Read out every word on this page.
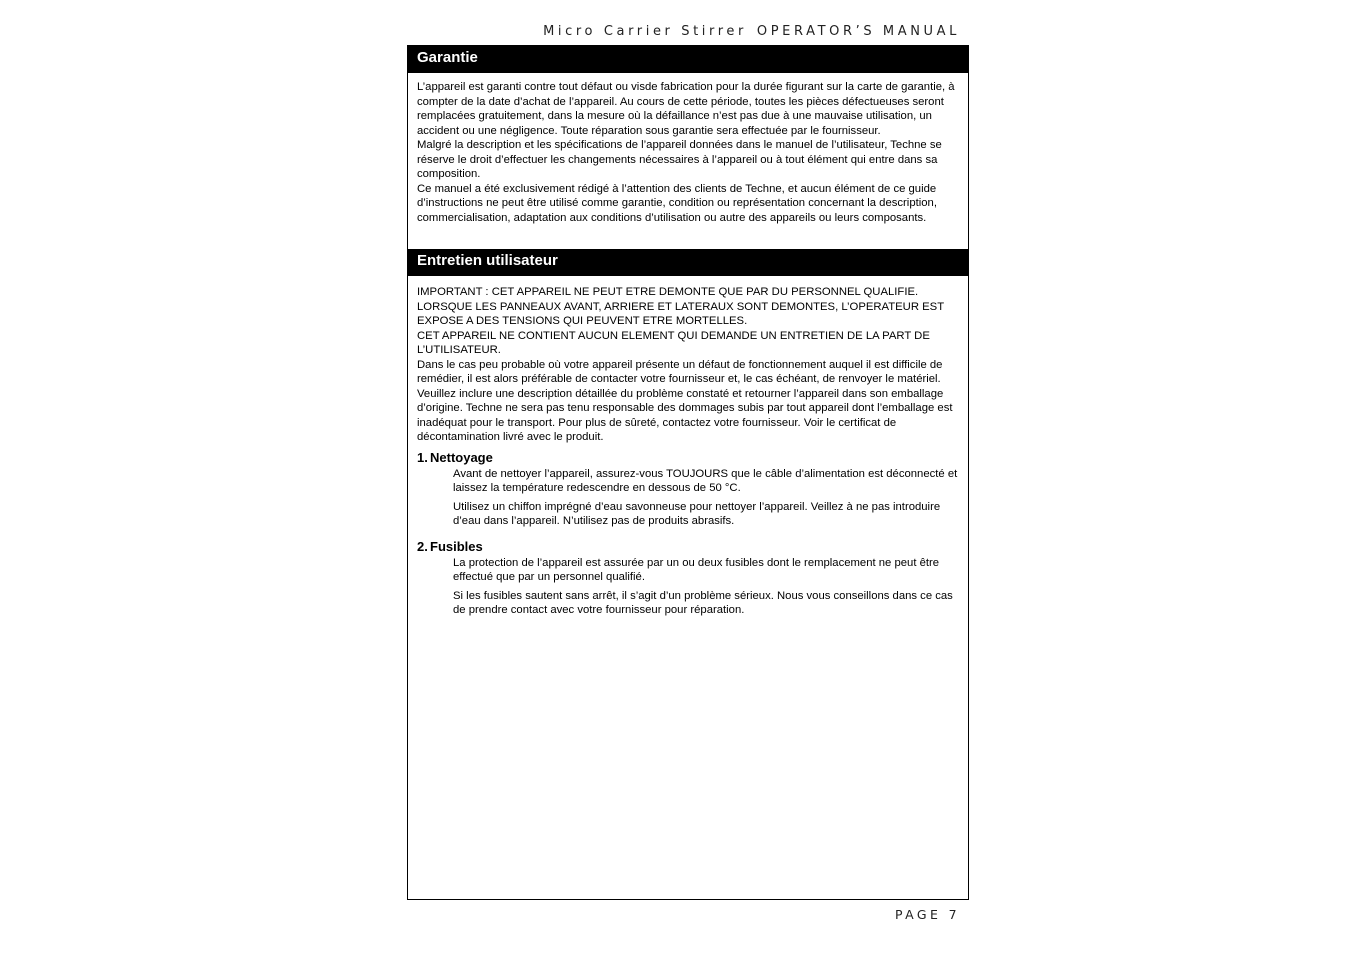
Micro Carrier Stirrer OPERATOR’S MANUAL
Garantie

L’appareil est garanti contre tout défaut ou visde fabrication pour la durée figurant sur la carte de garantie, à compter de la date d’achat de l’appareil. Au cours de cette période, toutes les pièces défectueuses seront remplacées gratuitement, dans la mesure où la défaillance n’est pas due à une mauvaise utilisation, un accident ou une négligence. Toute réparation sous garantie sera effectuée par le fournisseur.

Malgré la description et les spécifications de l’appareil données dans le manuel de l’utilisateur, Techne se réserve le droit d’effectuer les changements nécessaires à l’appareil ou à tout élément qui entre dans sa composition.

Ce manuel a été exclusivement rédigé à l’attention des clients de Techne, et aucun élément de ce guide d’instructions ne peut être utilisé comme garantie, condition ou représentation concernant la description, commercialisation, adaptation aux conditions d’utilisation ou autre des appareils ou leurs composants.

Entretien utilisateur

IMPORTANT : CET APPAREIL NE PEUT ETRE DEMONTE QUE PAR DU PERSONNEL QUALIFIE. LORSQUE LES PANNEAUX AVANT, ARRIERE ET LATERAUX SONT DEMONTES, L’OPERATEUR EST EXPOSE A DES TENSIONS QUI PEUVENT ETRE MORTELLES.

CET APPAREIL NE CONTIENT AUCUN ELEMENT QUI DEMANDE UN ENTRETIEN DE LA PART DE L’UTILISATEUR.

Dans le cas peu probable où votre appareil présente un défaut de fonctionnement auquel il est difficile de remédier, il est alors préférable de contacter votre fournisseur et, le cas échéant, de renvoyer le matériel. Veuillez inclure une description détaillée du problème constaté et retourner l’appareil dans son emballage d’origine. Techne ne sera pas tenu responsable des dommages subis par tout appareil dont l’emballage est inadéquat pour le transport. Pour plus de sûreté, contactez votre fournisseur. Voir le certificat de décontamination livré avec le produit.

1. Nettoyage

Avant de nettoyer l’appareil, assurez-vous TOUJOURS que le câble d’alimentation est déconnecté et laissez la température redescendre en dessous de 50 °C.

Utilisez un chiffon imprégné d’eau savonneuse pour nettoyer l’appareil. Veillez à ne pas introduire d’eau dans l’appareil. N’utilisez pas de produits abrasifs.

2. Fusibles

La protection de l’appareil est assurée par un ou deux fusibles dont le remplacement ne peut être effectué que par un personnel qualifié.

Si les fusibles sautent sans arrêt, il s’agit d’un problème sérieux. Nous vous conseillons dans ce cas de prendre contact avec votre fournisseur pour réparation.

PAGE 7
